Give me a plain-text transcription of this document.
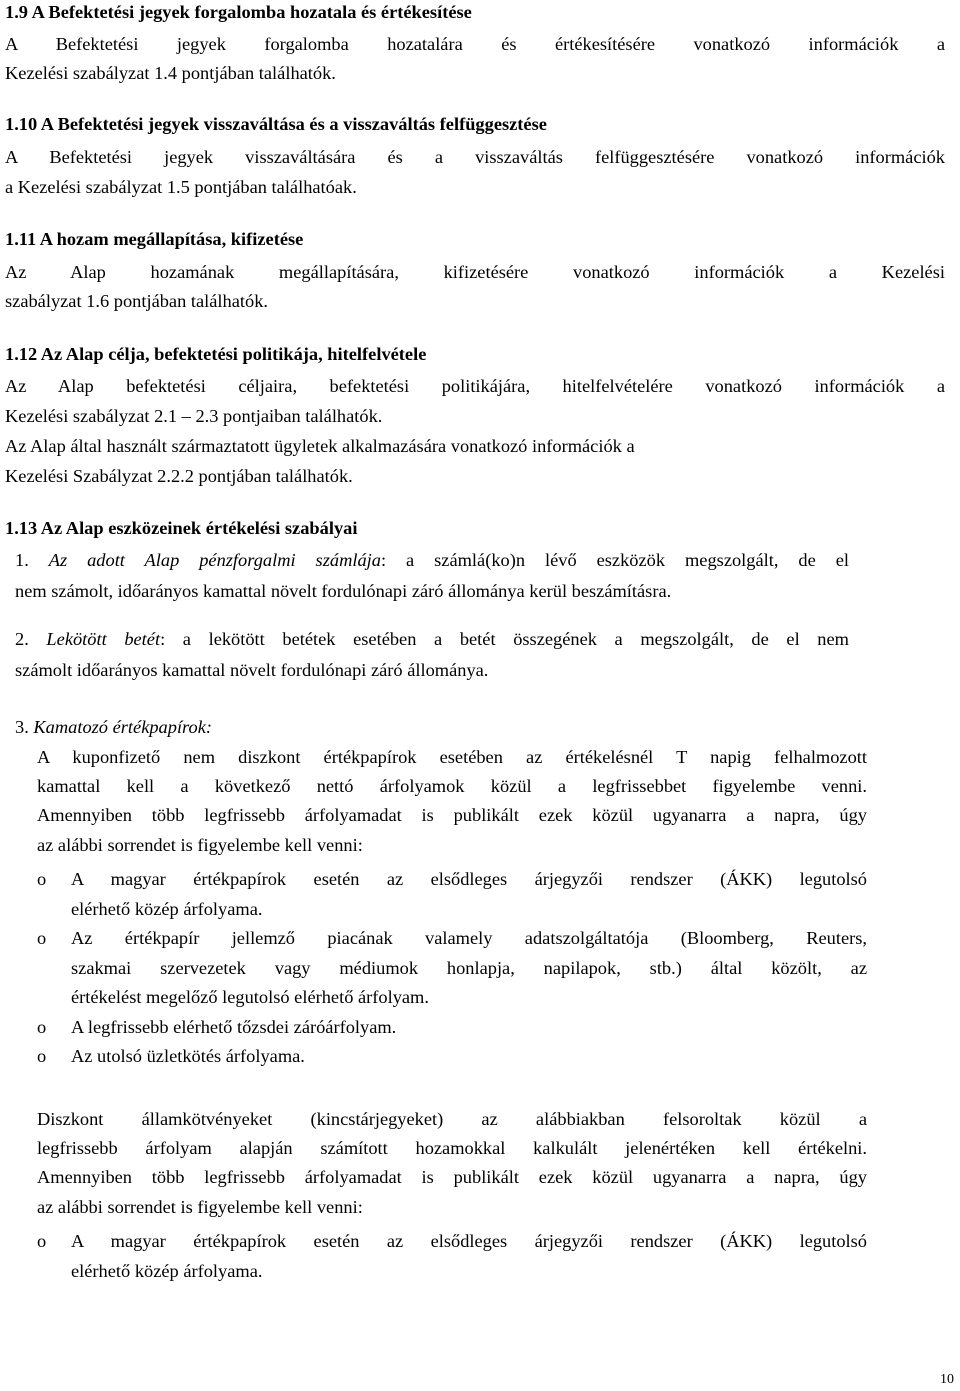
1.9 A Befektetési jegyek forgalomba hozatala és értékesítése
A Befektetési jegyek forgalomba hozatalára és értékesítésére vonatkozó információk a
Kezelési szabályzat 1.4 pontjában találhatók.
1.10 A Befektetési jegyek visszaváltása és a visszaváltás felfüggesztése
A Befektetési jegyek visszaváltására és a visszaváltás felfüggesztésére vonatkozó információk
a Kezelési szabályzat 1.5 pontjában találhatóak.
1.11 A hozam megállapítása, kifizetése
Az Alap hozamának megállapítására, kifizetésére vonatkozó információk a Kezelési
szabályzat 1.6 pontjában találhatók.
1.12 Az Alap célja, befektetési politikája, hitelfelvétele
Az Alap befektetési céljaira, befektetési politikájára, hitelfelvételére vonatkozó információk a
Kezelési szabályzat 2.1 – 2.3 pontjaiban találhatók.
Az Alap által használt származtatott ügyletek alkalmazására vonatkozó információk a
Kezelési Szabályzat 2.2.2 pontjában találhatók.
1.13 Az Alap eszközeinek értékelési szabályai
1. Az adott Alap pénzforgalmi számlája: a számlá(ko)n lévő eszközök megszolgált, de el
nem számolt, időarányos kamattal növelt fordulónapi záró állománya kerül beszámításra.
2. Lekötött betét: a lekötött betétek esetében a betét összegének a megszolgált, de el nem
számolt időarányos kamattal növelt fordulónapi záró állománya.
3. Kamatozó értékpapírok:
A kuponfizető nem diszkont értékpapírok esetében az értékelésnél T napig felhalmozott
kamattal kell a következő nettó árfolyamok közül a legfrissebbet figyelembe venni.
Amennyiben több legfrissebb árfolyamadat is publikált ezek közül ugyanarra a napra, úgy
az alábbi sorrendet is figyelembe kell venni:
o A magyar értékpapírok esetén az elsődleges árjegyzői rendszer (ÁKK) legutolsó
elérhető közép árfolyama.
o Az értékpapír jellemző piacának valamely adatszolgáltatója (Bloomberg, Reuters,
szakmai szervezetek vagy médiumok honlapja, napilapok, stb.) által közölt, az
értékelést megelőző legutolsó elérhető árfolyam.
o A legfrissebb elérhető tőzsdei záróárfolyam.
o Az utolsó üzletkötés árfolyama.
Diszkont államkötvényeket (kincstárjegyeket) az alábbiakban felsoroltak közül a
legfrissebb árfolyam alapján számított hozamokkal kalkulált jelenértéken kell értékelni.
Amennyiben több legfrissebb árfolyamadat is publikált ezek közül ugyanarra a napra, úgy
az alábbi sorrendet is figyelembe kell venni:
o A magyar értékpapírok esetén az elsődleges árjegyzői rendszer (ÁKK) legutolsó
elérhető közép árfolyama.
10
